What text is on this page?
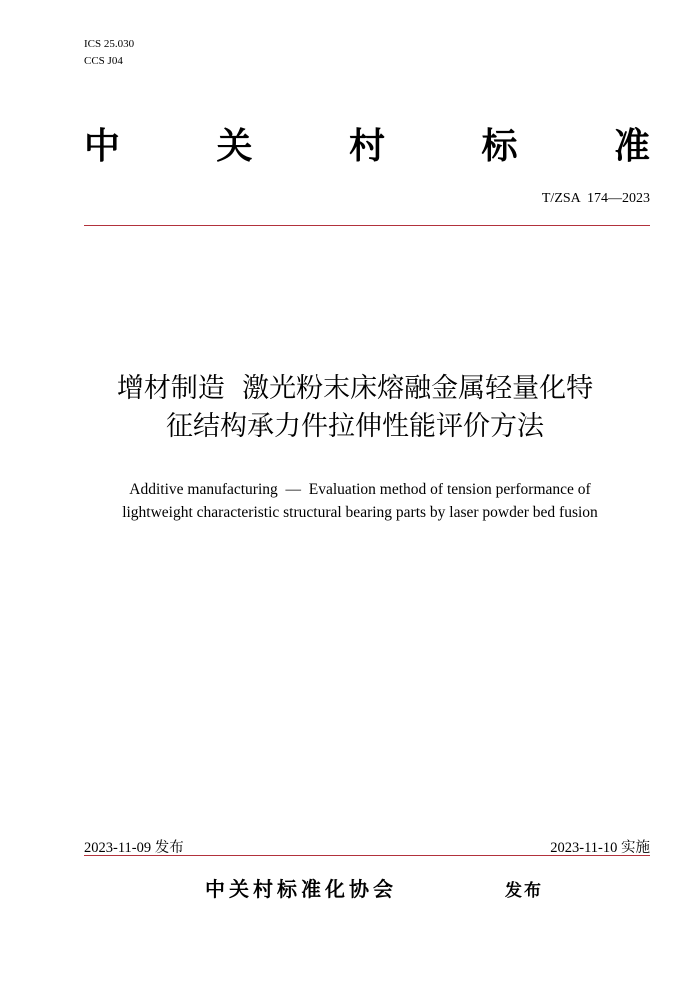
ICS 25.030
CCS J04
中	关	村	标	准
T/ZSA  174—2023
增材制造  激光粉末床熔融金属轻量化特
征结构承力件拉伸性能评价方法
Additive manufacturing  —  Evaluation method of tension performance of
lightweight characteristic structural bearing parts by laser powder bed fusion
2023-11-09 发布	2023-11-10 实施
中关村标准化协会	发布
